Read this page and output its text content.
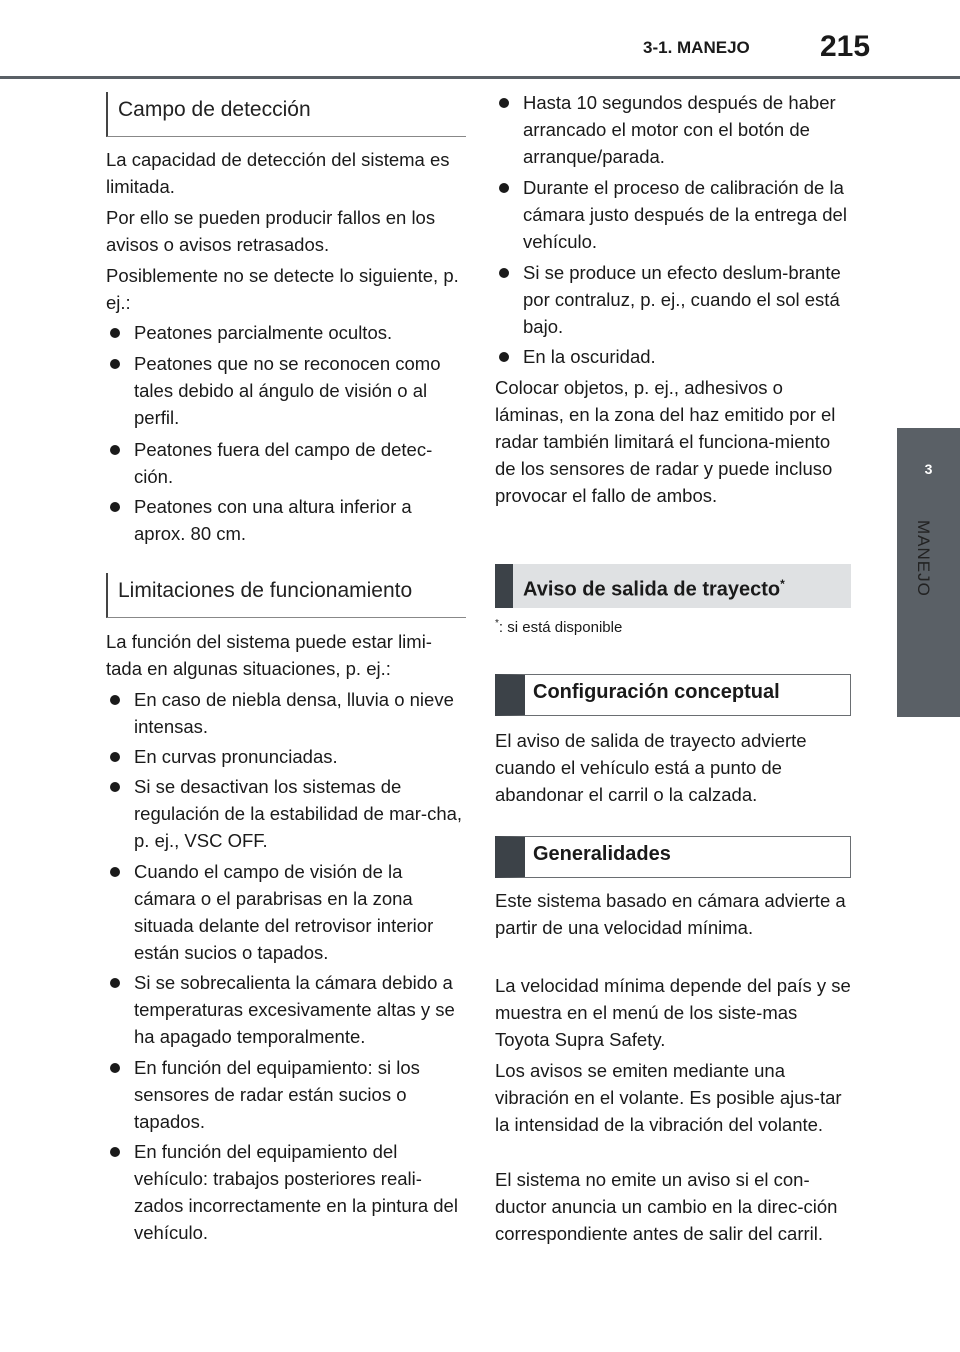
3-1. MANEJO 215
3
MANEJO
Campo de detección

La capacidad de detección del sistema es limitada.

Por ello se pueden producir fallos en los avisos o avisos retrasados.

Posiblemente no se detecte lo siguiente, p. ej.:

Peatones parcialmente ocultos.
Peatones que no se reconocen como tales debido al ángulo de visión o al perfil.
Peatones fuera del campo de detec-ción.
Peatones con una altura inferior a aprox. 80 cm.
Limitaciones de funcionamiento

La función del sistema puede estar limi-tada en algunas situaciones, p. ej.:

En caso de niebla densa, lluvia o nieve intensas.
En curvas pronunciadas.
Si se desactivan los sistemas de regulación de la estabilidad de mar-cha, p. ej., VSC OFF.
Cuando el campo de visión de la cámara o el parabrisas en la zona situada delante del retrovisor interior están sucios o tapados.
Si se sobrecalienta la cámara debido a temperaturas excesivamente altas y se ha apagado temporalmente.
En función del equipamiento: si los sensores de radar están sucios o tapados.
En función del equipamiento del vehículo: trabajos posteriores reali-zados incorrectamente en la pintura del vehículo.
Hasta 10 segundos después de haber arrancado el motor con el botón de arranque/parada.
Durante el proceso de calibración de la cámara justo después de la entrega del vehículo.
Si se produce un efecto deslum-brante por contraluz, p. ej., cuando el sol está bajo.
En la oscuridad.

Colocar objetos, p. ej., adhesivos o láminas, en la zona del haz emitido por el radar también limitará el funciona-miento de los sensores de radar y puede incluso provocar el fallo de ambos.

Aviso de salida de trayecto*
*: si está disponible
Configuración conceptual

El aviso de salida de trayecto advierte cuando el vehículo está a punto de abandonar el carril o la calzada.

Generalidades

Este sistema basado en cámara advierte a partir de una velocidad mínima.

La velocidad mínima depende del país y se muestra en el menú de los siste-mas Toyota Supra Safety.

Los avisos se emiten mediante una vibración en el volante. Es posible ajus-tar la intensidad de la vibración del volante.

El sistema no emite un aviso si el con-ductor anuncia un cambio en la direc-ción correspondiente antes de salir del carril.
